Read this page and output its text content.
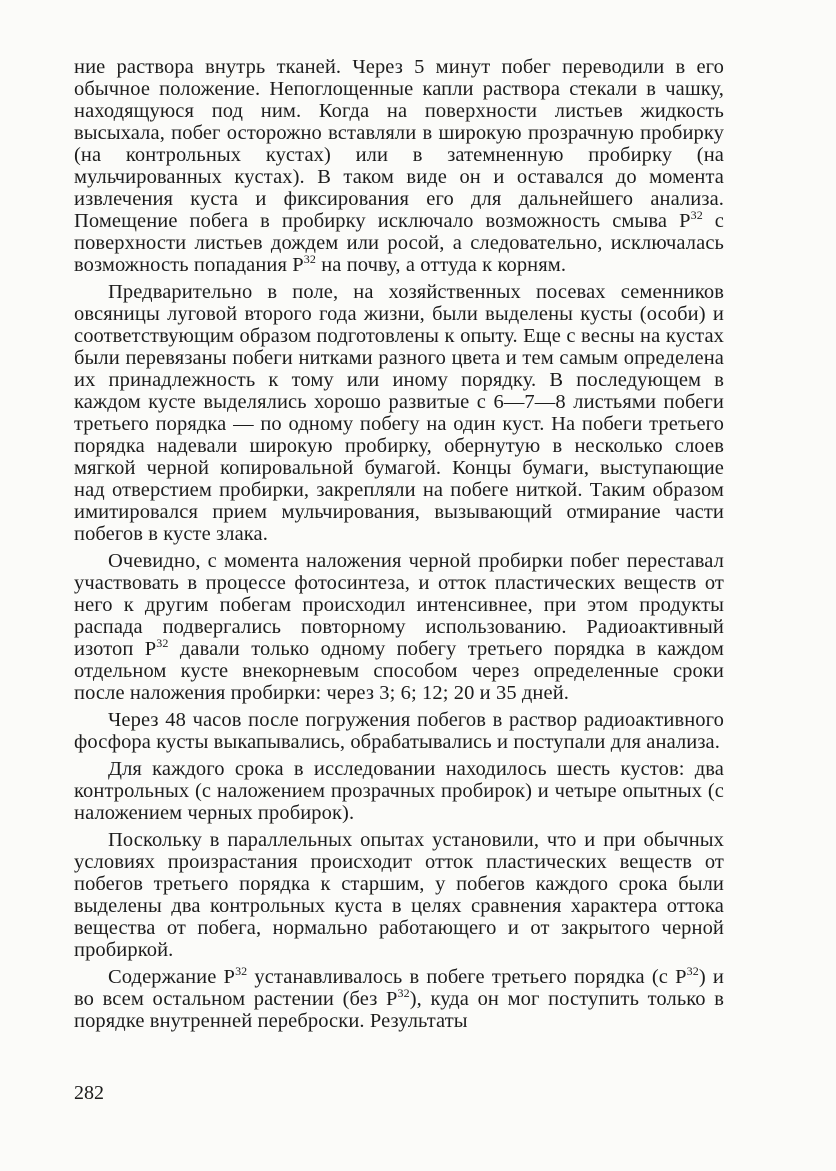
ние раствора внутрь тканей. Через 5 минут побег переводили в его обычное положение. Непоглощенные капли раствора стекали в чашку, находящуюся под ним. Когда на поверхности листьев жидкость высыхала, побег осторожно вставляли в широкую прозрачную пробирку (на контрольных кустах) или в затемненную пробирку (на мульчированных кустах). В таком виде он и оставался до момента извлечения куста и фиксирования его для дальнейшего анализа. Помещение побега в пробирку исключало возможность смыва $Р^{32}$ с поверхности листьев дождем или росой, а следовательно, исключалась возможность попадания $Р^{32}$ на почву, а оттуда к корням.

Предварительно в поле, на хозяйственных посевах семенников овсяницы луговой второго года жизни, были выделены кусты (особи) и соответствующим образом подготовлены к опыту. Еще с весны на кустах были перевязаны побеги нитками разного цвета и тем самым определена их принадлежность к тому или иному порядку. В последующем в каждом кусте выделялись хорошо развитые с 6—7—8 листьями побеги третьего порядка — по одному побегу на один куст. На побеги третьего порядка надевали широкую пробирку, обернутую в несколько слоев мягкой черной копировальной бумагой. Концы бумаги, выступающие над отверстием пробирки, закрепляли на побеге ниткой. Таким образом имитировался прием мульчирования, вызывающий отмирание части побегов в кусте злака.

Очевидно, с момента наложения черной пробирки побег переставал участвовать в процессе фотосинтеза, и отток пластических веществ от него к другим побегам происходил интенсивнее, при этом продукты распада подвергались повторному использованию. Радиоактивный изотоп $Р^{32}$ давали только одному побегу третьего порядка в каждом отдельном кусте внекорневым способом через определенные сроки после наложения пробирки: через 3; 6; 12; 20 и 35 дней.

Через 48 часов после погружения побегов в раствор радиоактивного фосфора кусты выкапывались, обрабатывались и поступали для анализа.

Для каждого срока в исследовании находилось шесть кустов: два контрольных (с наложением прозрачных пробирок) и четыре опытных (с наложением черных пробирок).

Поскольку в параллельных опытах установили, что и при обычных условиях произрастания происходит отток пластических веществ от побегов третьего порядка к старшим, у побегов каждого срока были выделены два контрольных куста в целях сравнения характера оттока вещества от побега, нормально работающего и от закрытого черной пробиркой.

Содержание $Р^{32}$ устанавливалось в побеге третьего порядка (с $Р^{32}$) и во всем остальном растении (без $Р^{32}$), куда он мог поступить только в порядке внутренней переброски. Результаты

282
